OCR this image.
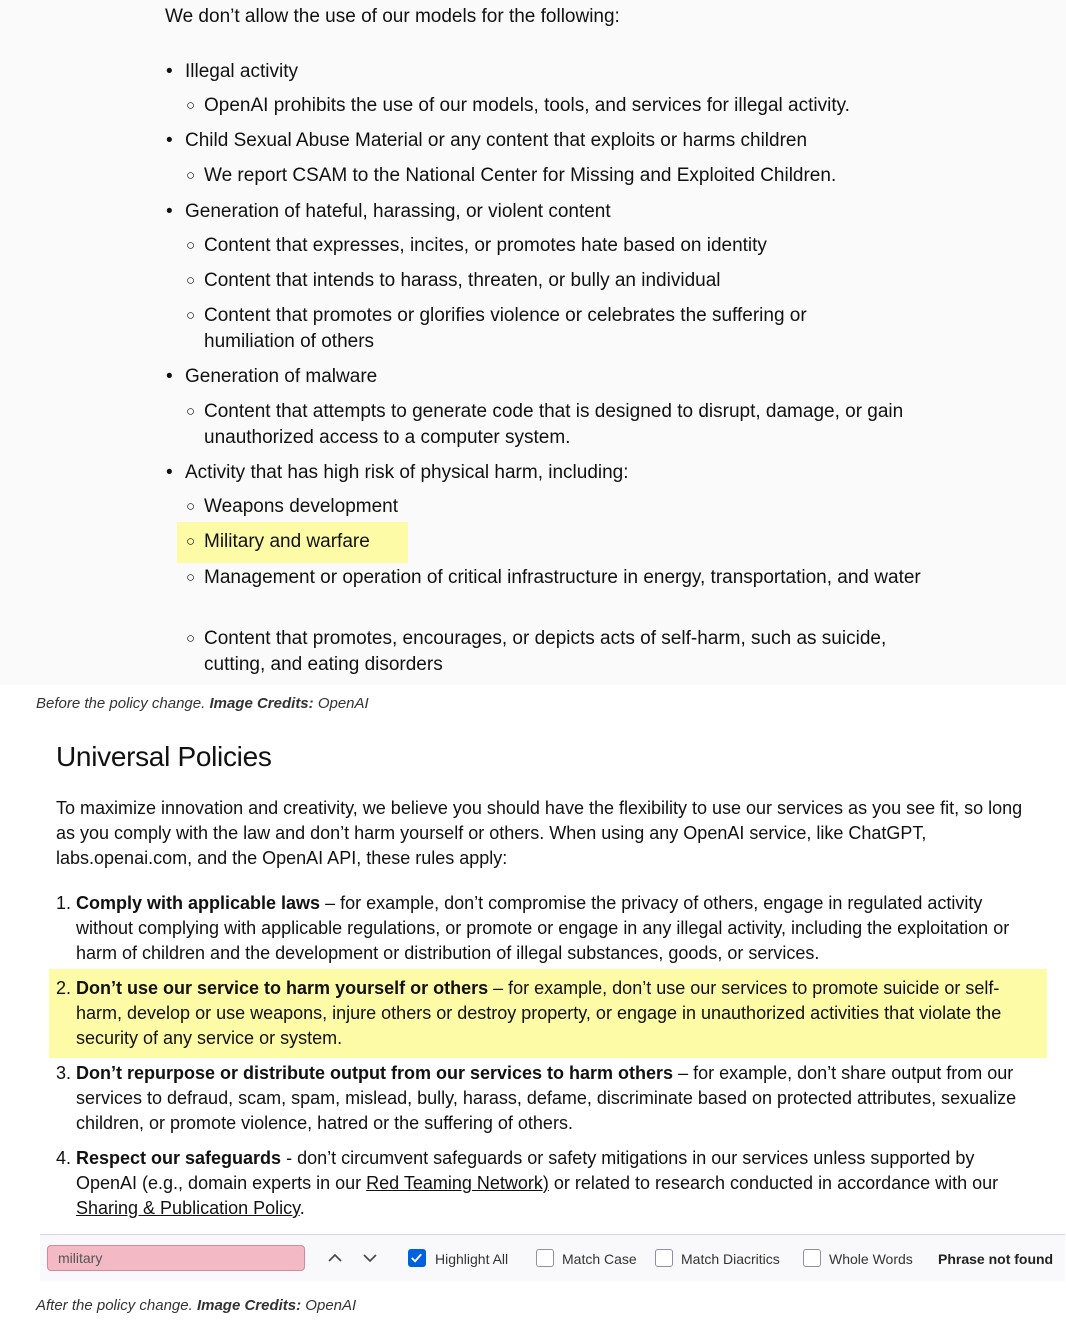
We don’t allow the use of our models for the following:
• Illegal activity
○ OpenAI prohibits the use of our models, tools, and services for illegal activity.
• Child Sexual Abuse Material or any content that exploits or harms children
○ We report CSAM to the National Center for Missing and Exploited Children.
• Generation of hateful, harassing, or violent content
○ Content that expresses, incites, or promotes hate based on identity
○ Content that intends to harass, threaten, or bully an individual
○ Content that promotes or glorifies violence or celebrates the suffering or humiliation of others
• Generation of malware
○ Content that attempts to generate code that is designed to disrupt, damage, or gain unauthorized access to a computer system.
• Activity that has high risk of physical harm, including:
○ Weapons development
○ Military and warfare
○ Management or operation of critical infrastructure in energy, transportation, and water
○ Content that promotes, encourages, or depicts acts of self-harm, such as suicide, cutting, and eating disorders
Before the policy change. Image Credits: OpenAI
Universal Policies
To maximize innovation and creativity, we believe you should have the flexibility to use our services as you see fit, so long as you comply with the law and don’t harm yourself or others. When using any OpenAI service, like ChatGPT, labs.openai.com, and the OpenAI API, these rules apply:
1. Comply with applicable laws – for example, don’t compromise the privacy of others, engage in regulated activity without complying with applicable regulations, or promote or engage in any illegal activity, including the exploitation or harm of children and the development or distribution of illegal substances, goods, or services.
2. Don’t use our service to harm yourself or others – for example, don’t use our services to promote suicide or self-harm, develop or use weapons, injure others or destroy property, or engage in unauthorized activities that violate the security of any service or system.
3. Don’t repurpose or distribute output from our services to harm others – for example, don’t share output from our services to defraud, scam, spam, mislead, bully, harass, defame, discriminate based on protected attributes, sexualize children, or promote violence, hatred or the suffering of others.
4. Respect our safeguards - don’t circumvent safeguards or safety mitigations in our services unless supported by OpenAI (e.g., domain experts in our Red Teaming Network) or related to research conducted in accordance with our Sharing & Publication Policy.
military
Highlight All	Match Case	Match Diacritics	Whole Words Phrase not found
After the policy change. Image Credits: OpenAI
